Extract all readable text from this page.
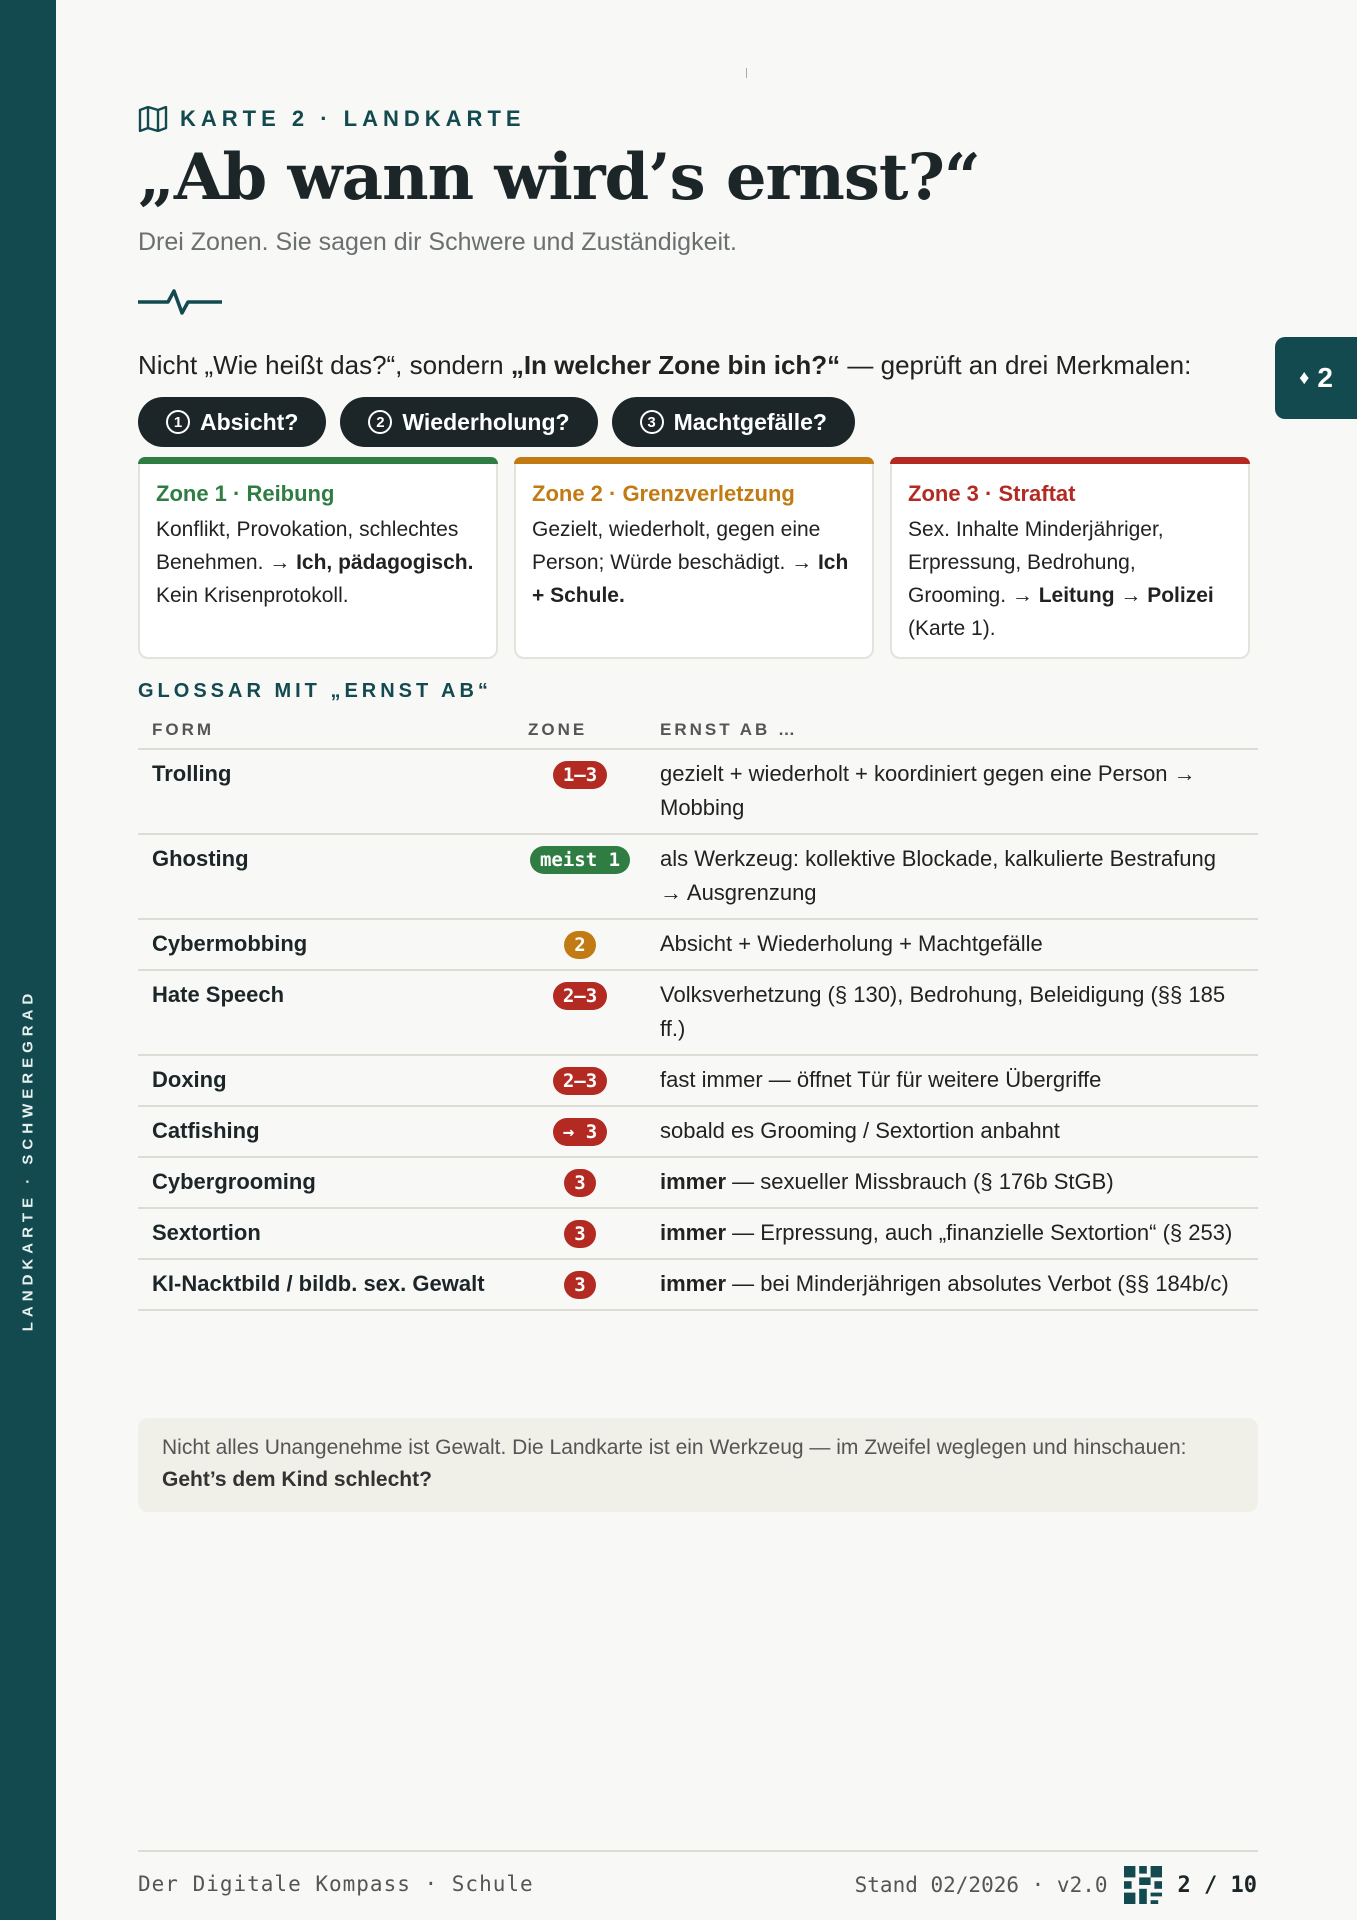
LANDKARTE · SCHWEREGRAD
♦ 2
KARTE 2 · LANDKARTE
„Ab wann wird’s ernst?“
Drei Zonen. Sie sagen dir Schwere und Zuständigkeit.
Nicht „Wie heißt das?“, sondern „In welcher Zone bin ich?“ — geprüft an drei Merkmalen:
1 Absicht?	2 Wiederholung?	3 Machtgefälle?
Zone 1 · Reibung
Konflikt, Provokation, schlechtes Benehmen. → Ich, pädagogisch. Kein Krisenprotokoll.
Zone 2 · Grenzverletzung
Gezielt, wiederholt, gegen eine Person; Würde beschädigt. → Ich + Schule.
Zone 3 · Straftat
Sex. Inhalte Minderjähriger, Erpressung, Bedrohung, Grooming. → Leitung → Polizei (Karte 1).
GLOSSAR MIT „ERNST AB“
FORM	ZONE	ERNST AB …
Trolling	1–3	gezielt + wiederholt + koordiniert gegen eine Person → Mobbing
Ghosting	meist 1	als Werkzeug: kollektive Blockade, kalkulierte Bestrafung → Ausgrenzung
Cybermobbing	2	Absicht + Wiederholung + Machtgefälle
Hate Speech	2–3	Volksverhetzung (§ 130), Bedrohung, Beleidigung (§§ 185 ff.)
Doxing	2–3	fast immer — öffnet Tür für weitere Übergriffe
Catfishing	→ 3	sobald es Grooming / Sextortion anbahnt
Cybergrooming	3	immer — sexueller Missbrauch (§ 176b StGB)
Sextortion	3	immer — Erpressung, auch „finanzielle Sextortion“ (§ 253)
KI-Nacktbild / bildb. sex. Gewalt	3	immer — bei Minderjährigen absolutes Verbot (§§ 184b/c)
Nicht alles Unangenehme ist Gewalt. Die Landkarte ist ein Werkzeug — im Zweifel weglegen und hinschauen: Geht’s dem Kind schlecht?
Der Digitale Kompass · Schule	Stand 02/2026 · v2.0	2 / 10
